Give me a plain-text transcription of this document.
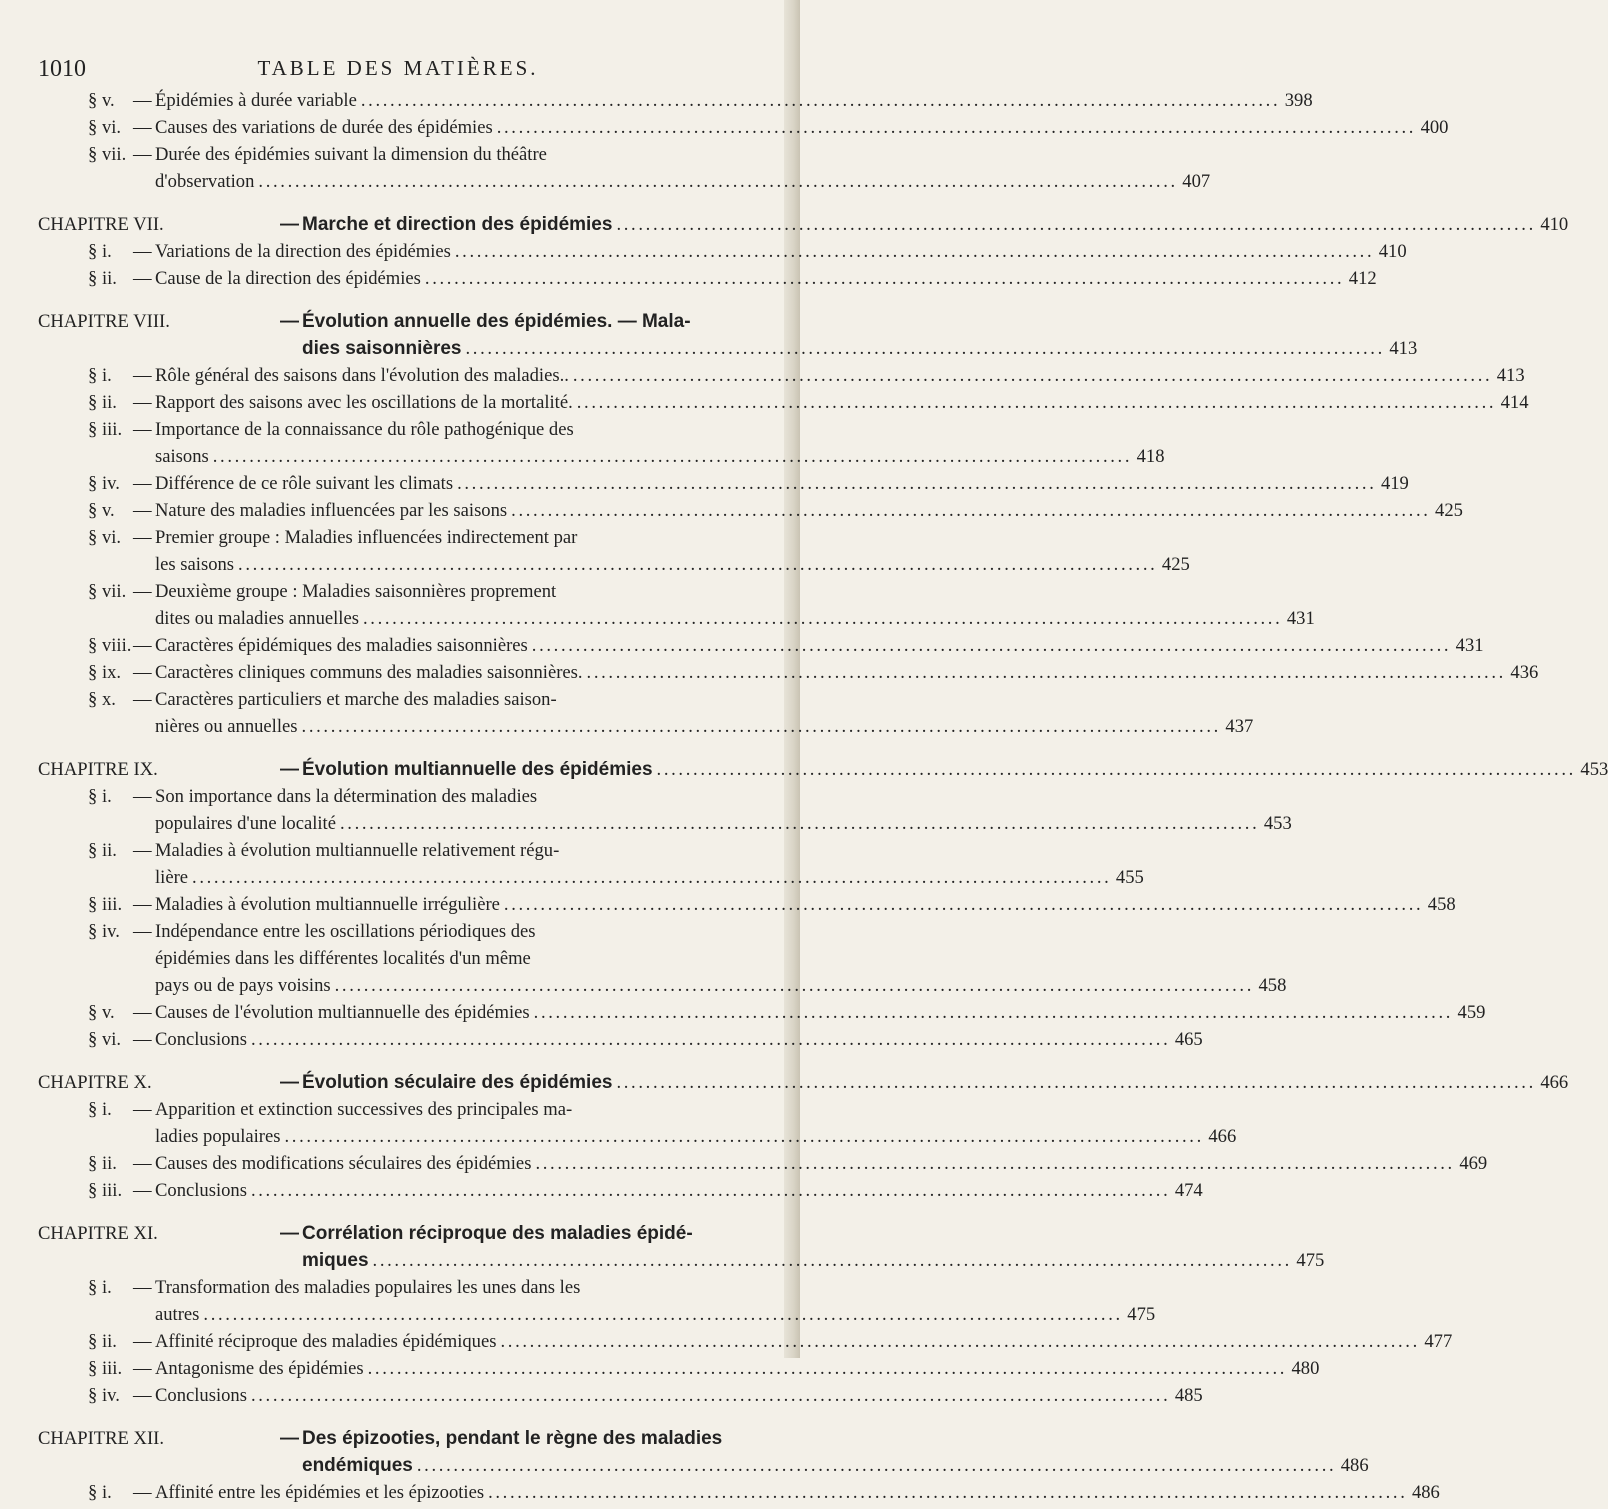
1010	TABLE DES MATIÈRES.
§ v. —Épidémies à durée variable . . .	398
§ vi. —Causes des variations de durée des épidémies . . .	400
§ vii. —Durée des épidémies suivant la dimension du théâtre
d'observation . . .	407
CHAPITRE VII.	—Marche et direction des épidémies . . .	410
§ i. —Variations de la direction des épidémies . . .	410
§ ii. —Cause de la direction des épidémies . . .	412
CHAPITRE VIII.	—Évolution annuelle des épidémies. — Mala-
dies saisonnières . . .	413
§ i. —Rôle général des saisons dans l'évolution des maladies.. . . .	413
§ ii. —Rapport des saisons avec les oscillations de la mortalité. . . .	414
§ iii. —Importance de la connaissance du rôle pathogénique des
saisons . . .	418
§ iv. —Différence de ce rôle suivant les climats . . .	419
§ v. —Nature des maladies influencées par les saisons . . .	425
§ vi. —Premier groupe : Maladies influencées indirectement par
les saisons . . .	425
§ vii. —Deuxième groupe : Maladies saisonnières proprement
dites ou maladies annuelles . . .	431
§ viii. —Caractères épidémiques des maladies saisonnières . . .	431
§ ix. —Caractères cliniques communs des maladies saisonnières. . . .	436
§ x. —Caractères particuliers et marche des maladies saison-
nières ou annuelles . . .	437
CHAPITRE IX.	—Évolution multiannuelle des épidémies . . .	453
§ i. —Son importance dans la détermination des maladies
populaires d'une localité . . .	453
§ ii. —Maladies à évolution multiannuelle relativement régu-
lière . . .	455
§ iii. —Maladies à évolution multiannuelle irrégulière . . .	458
§ iv. —Indépendance entre les oscillations périodiques des
épidémies dans les différentes localités d'un même
pays ou de pays voisins . . .	458
§ v. —Causes de l'évolution multiannuelle des épidémies . . .	459
§ vi. —Conclusions . . .	465
CHAPITRE X.	—Évolution séculaire des épidémies . . .	466
§ i. —Apparition et extinction successives des principales ma-
ladies populaires . . .	466
§ ii. —Causes des modifications séculaires des épidémies . . .	469
§ iii. —Conclusions . . .	474
CHAPITRE XI.	—Corrélation réciproque des maladies épidé-
miques . . .	475
§ i. —Transformation des maladies populaires les unes dans les
autres . . .	475
§ ii. —Affinité réciproque des maladies épidémiques . . .	477
§ iii. —Antagonisme des épidémies . . .	480
§ iv. —Conclusions . . .	485
CHAPITRE XII.	—Des épizooties, pendant le règne des maladies
endémiques . . .	486
§ i. —Affinité entre les épidémies et les épizooties . . .	486
